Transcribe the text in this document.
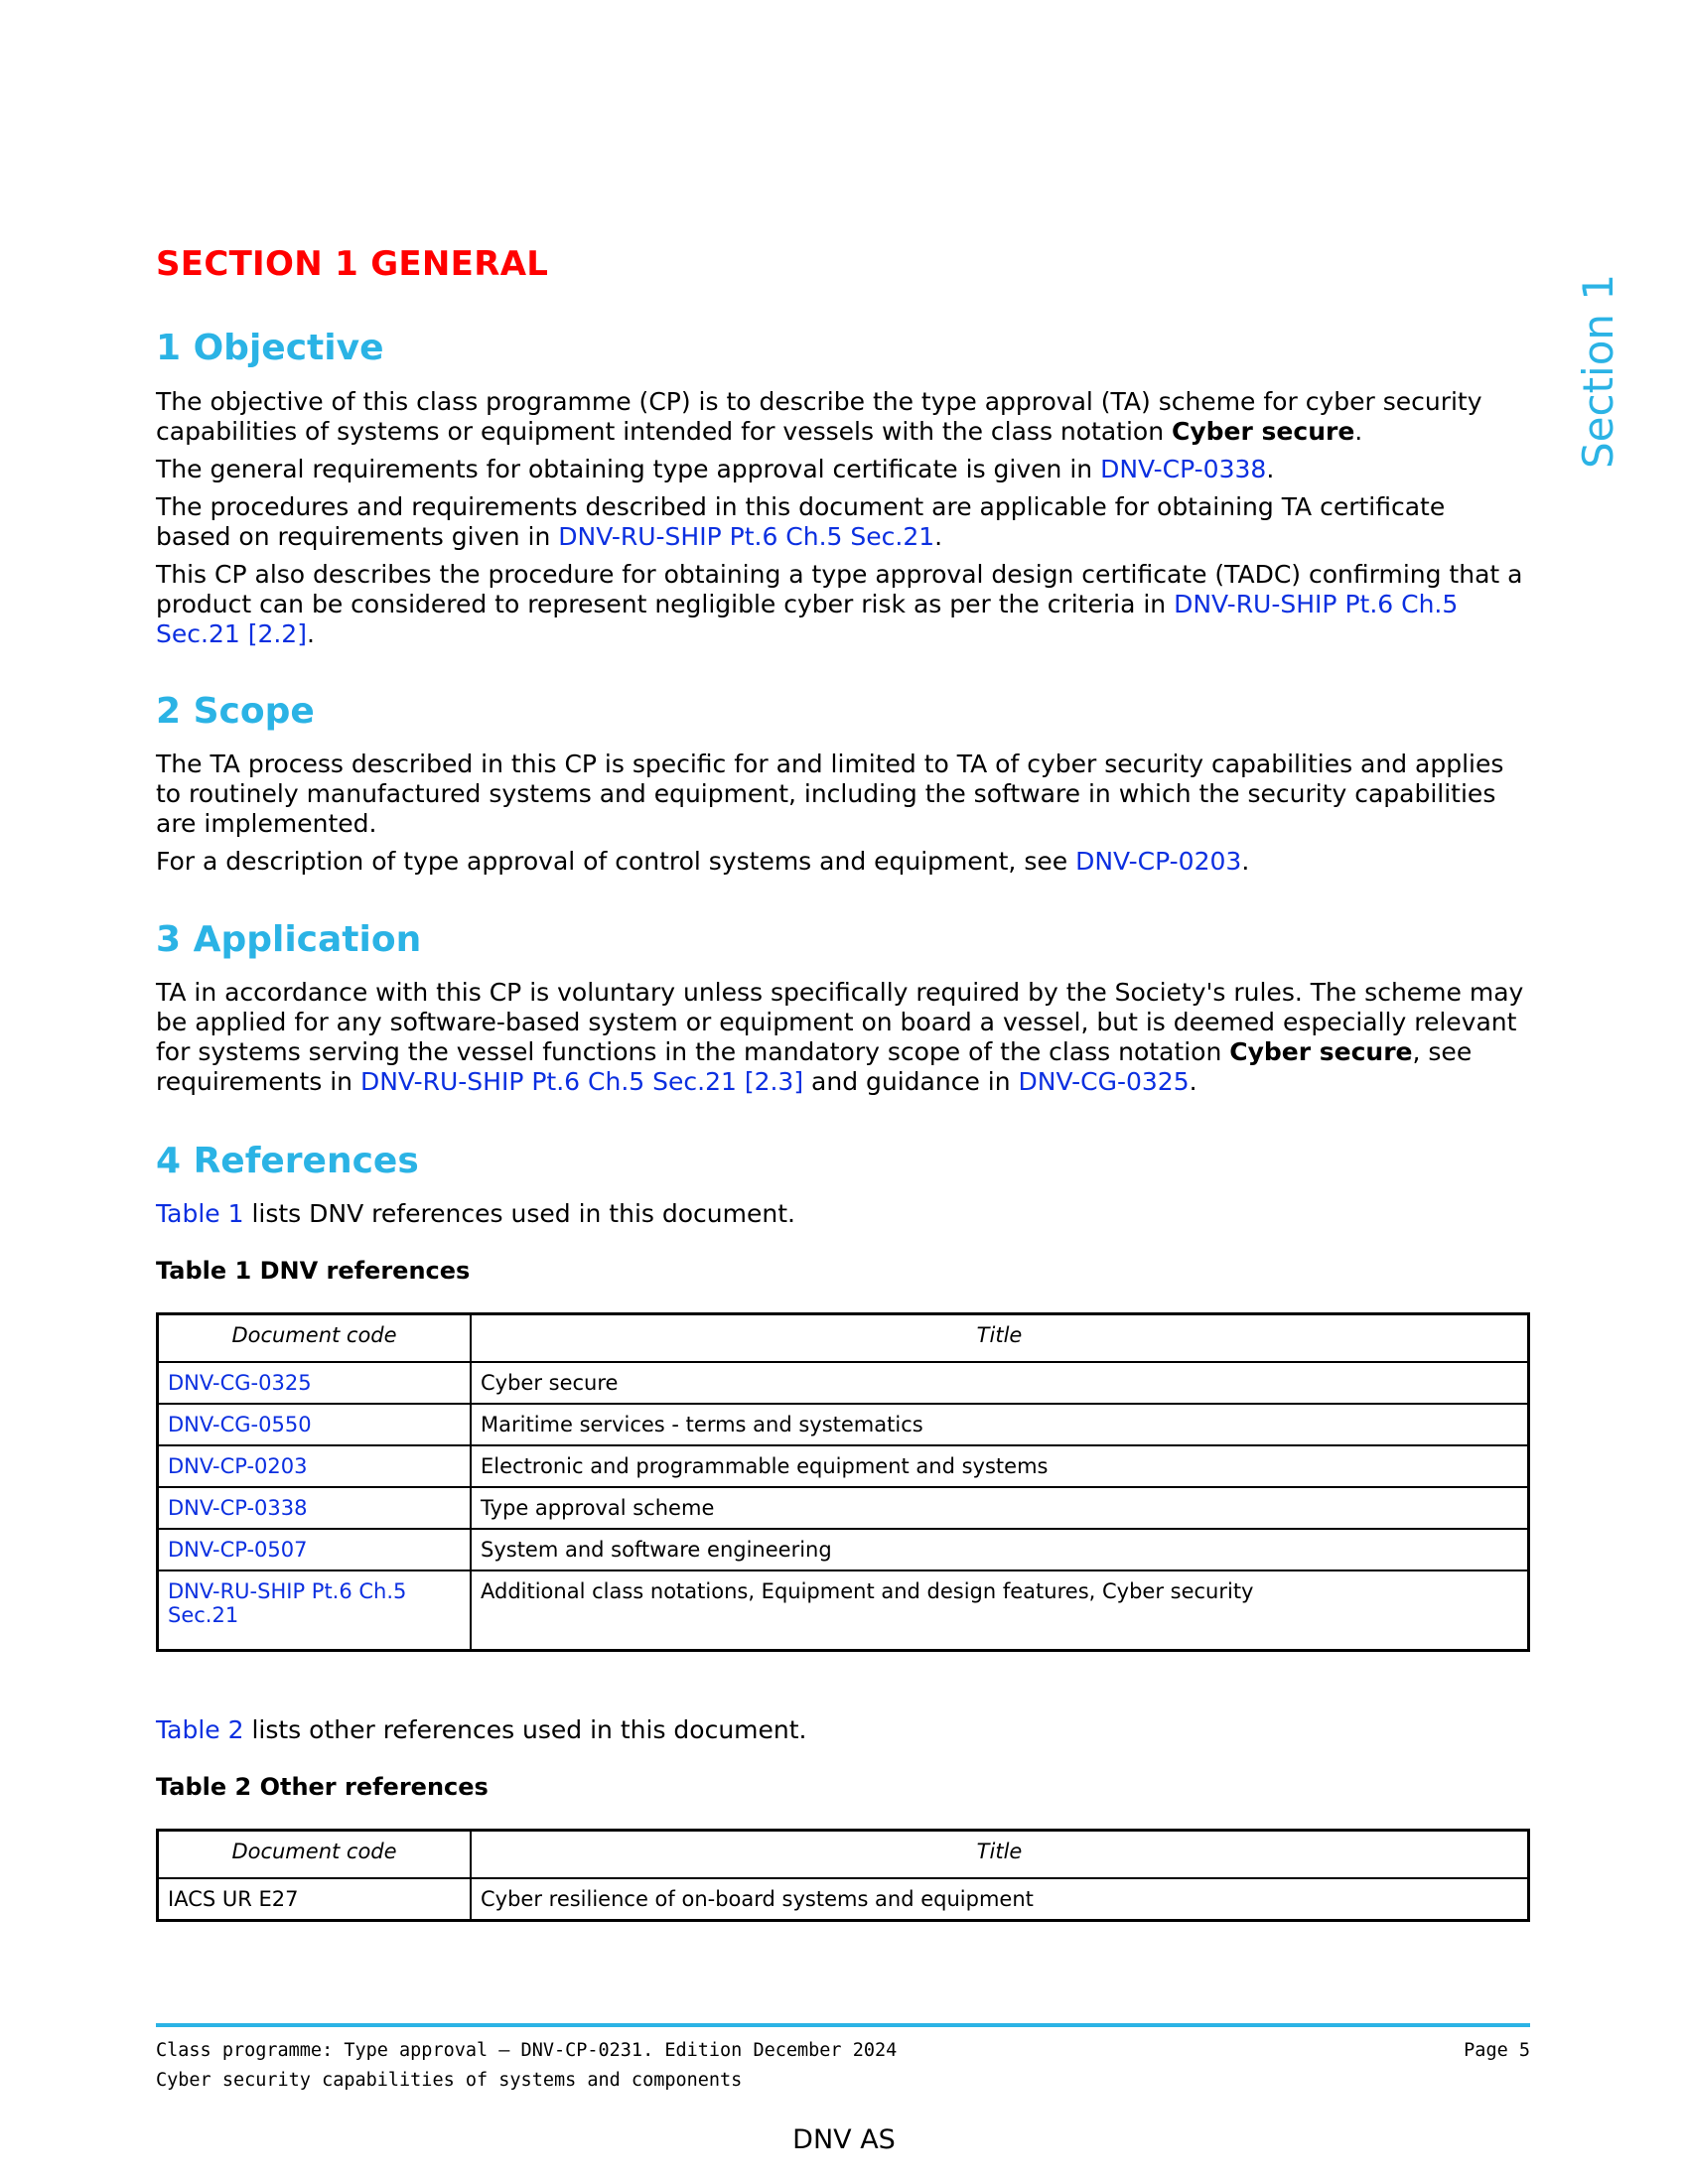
Section 1
SECTION 1 GENERAL
1 Objective

The objective of this class programme (CP) is to describe the type approval (TA) scheme for cyber security capabilities of systems or equipment intended for vessels with the class notation Cyber secure.

The general requirements for obtaining type approval certificate is given in DNV-CP-0338.

The procedures and requirements described in this document are applicable for obtaining TA certificate based on requirements given in DNV-RU-SHIP Pt.6 Ch.5 Sec.21.

This CP also describes the procedure for obtaining a type approval design certificate (TADC) confirming that a product can be considered to represent negligible cyber risk as per the criteria in DNV-RU-SHIP Pt.6 Ch.5 Sec.21 [2.2].

2 Scope

The TA process described in this CP is specific for and limited to TA of cyber security capabilities and applies to routinely manufactured systems and equipment, including the software in which the security capabilities are implemented.

For a description of type approval of control systems and equipment, see DNV-CP-0203.

3 Application

TA in accordance with this CP is voluntary unless specifically required by the Society's rules. The scheme may be applied for any software-based system or equipment on board a vessel, but is deemed especially relevant for systems serving the vessel functions in the mandatory scope of the class notation Cyber secure, see requirements in DNV-RU-SHIP Pt.6 Ch.5 Sec.21 [2.3] and guidance in DNV-CG-0325.

4 References

Table 1 lists DNV references used in this document.

Table 1 DNV references

Document code	Title
DNV-CG-0325	Cyber secure
DNV-CG-0550	Maritime services - terms and systematics
DNV-CP-0203	Electronic and programmable equipment and systems
DNV-CP-0338	Type approval scheme
DNV-CP-0507	System and software engineering
DNV-RU-SHIP Pt.6 Ch.5 Sec.21	Additional class notations, Equipment and design features, Cyber security

Table 2 lists other references used in this document.

Table 2 Other references

Document code	Title
IACS UR E27	Cyber resilience of on-board systems and equipment
Class programme: Type approval — DNV-CP-0231. Edition December 2024
Cyber security capabilities of systems and components
Page 5
DNV AS
